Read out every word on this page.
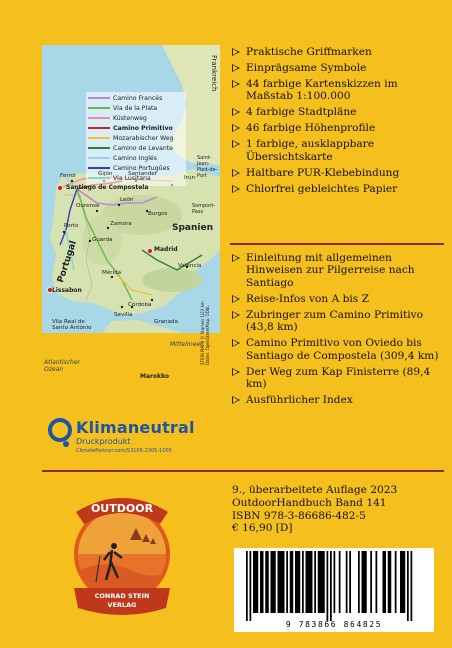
Camino Francés
Via de la Plata
Küstenweg
Camino Primitivo
Mozarabischer Weg
Camino de Levante
Camino Inglés
Camino Portugûes
Via Lusitana
Frankreich
Ferrol	Gijón	Santander
Irun
Saint-Jean-Pied-de-Port
Santiago de Compostela
León
Ourense
Burgos
Somport-Pass
Porto	Zamora	Spanien
Portugal Guarda
Madrid
Valencia
Lissabon
Mérida
Córdoba
Sevilla
Granada
Vila Real de Santo António
Mittelmeer
Atlantischer Ozean
Marokko
STEIN MAPS © Stamen 1/23 km Daten: OpenStreetMap, ODbL
Praktische Griffmarken
Einprägsame Symbole
44 farbige Kartenskizzen im Maßstab 1:100.000
4 farbige Stadtpläne
46 farbige Höhenprofile
1 farbige, ausklappbare Übersichtskarte
Haltbare PUR-Klebebindung
Chlorfrei gebleichtes Papier
Einleitung mit allgemeinen Hinweisen zur Pilgerreise nach Santiago
Reise-Infos von A bis Z
Zubringer zum Camino Primitivo (43,8 km)
Camino Primitivo von Oviedo bis Santiago de Compostela (309,4 km)
Der Weg zum Kap Finisterre (89,4 km)
Ausführlicher Index
Klimaneutral
Druckprodukt
ClimatePartner.com/53105-2305-1005
OUTDOOR
CONRAD STEIN
VERLAG
9., überarbeitete Auflage 2023
OutdoorHandbuch Band 141
ISBN 978-3-86686-482-5
€ 16,90 [D]
9 783866 864825
